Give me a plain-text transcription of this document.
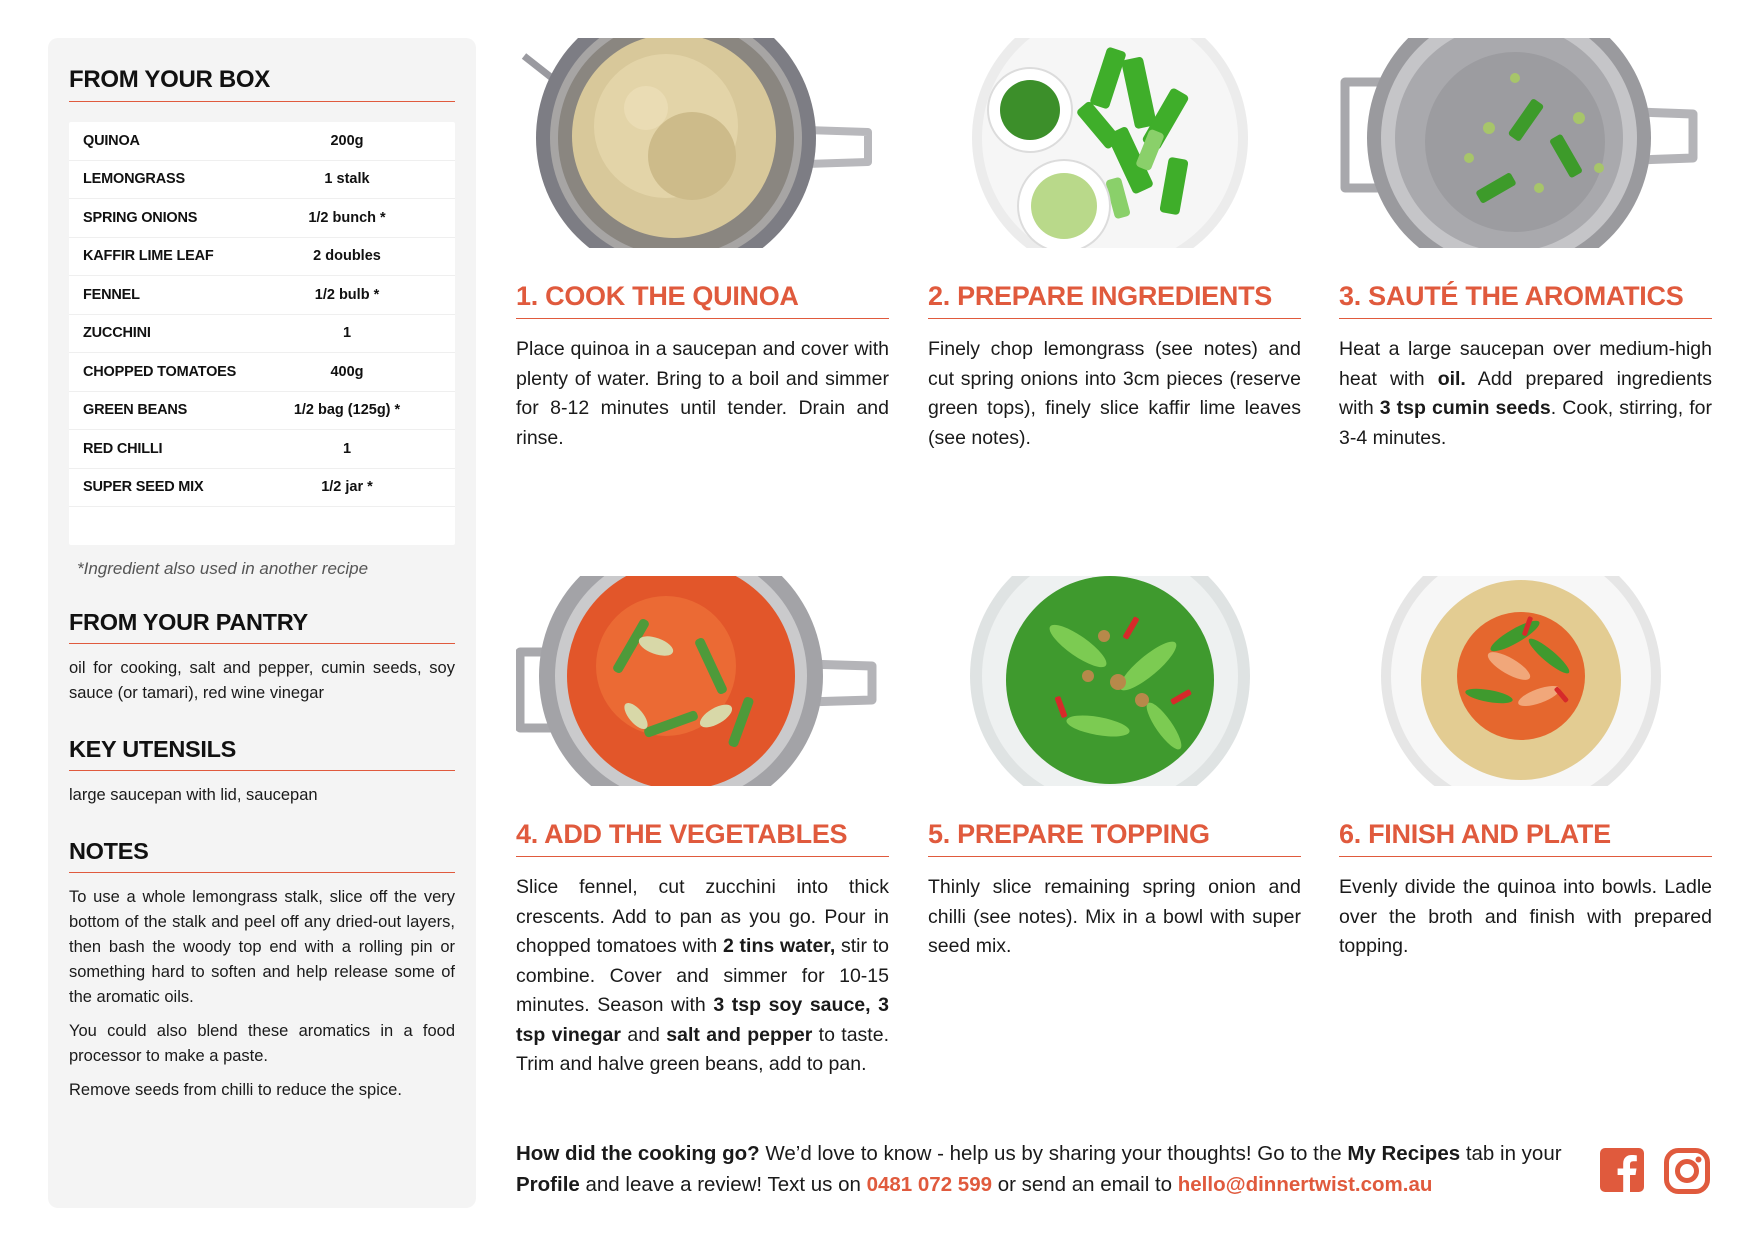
FROM YOUR BOX
QUINOA	200g
LEMONGRASS	1 stalk
SPRING ONIONS	1/2 bunch *
KAFFIR LIME LEAF	2 doubles
FENNEL	1/2 bulb *
ZUCCHINI	1
CHOPPED TOMATOES	400g
GREEN BEANS	1/2 bag (125g) *
RED CHILLI	1
SUPER SEED MIX	1/2 jar *

*Ingredient also used in another recipe

FROM YOUR PANTRY

oil for cooking, salt and pepper, cumin seeds, soy sauce (or tamari), red wine vinegar

KEY UTENSILS

large saucepan with lid, saucepan

NOTES

To use a whole lemongrass stalk, slice off the very bottom of the stalk and peel off any dried-out layers, then bash the woody top end with a rolling pin or something hard to soften and help release some of the aromatic oils.

You could also blend these aromatics in a food processor to make a paste.

Remove seeds from chilli to reduce the spice.

1. COOK THE QUINOA

Place quinoa in a saucepan and cover with plenty of water. Bring to a boil and simmer for 8-12 minutes until tender. Drain and rinse.

2. PREPARE INGREDIENTS

Finely chop lemongrass (see notes) and cut spring onions into 3cm pieces (reserve green tops), finely slice kaffir lime leaves (see notes).

3. SAUTÉ THE AROMATICS

Heat a large saucepan over medium-high heat with oil. Add prepared ingredients with 3 tsp cumin seeds. Cook, stirring, for 3-4 minutes.

4. ADD THE VEGETABLES

Slice fennel, cut zucchini into thick crescents. Add to pan as you go. Pour in chopped tomatoes with 2 tins water, stir to combine. Cover and simmer for 10-15 minutes. Season with 3 tsp soy sauce, 3 tsp vinegar and salt and pepper to taste. Trim and halve green beans, add to pan.

5. PREPARE TOPPING

Thinly slice remaining spring onion and chilli (see notes). Mix in a bowl with super seed mix.

6. FINISH AND PLATE

Evenly divide the quinoa into bowls. Ladle over the broth and finish with prepared topping.

How did the cooking go? We’d love to know - help us by sharing your thoughts! Go to the My Recipes tab in your Profile and leave a review! Text us on 0481 072 599 or send an email to hello@dinnertwist.com.au
